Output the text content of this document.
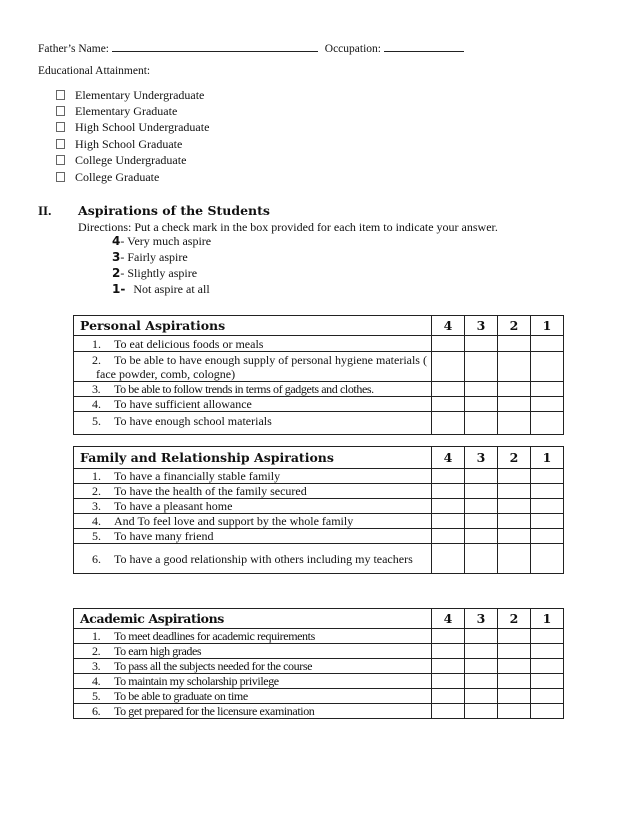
Father’s Name:	Occupation:
Educational Attainment:
Elementary Undergraduate
Elementary Graduate
High School Undergraduate
High School Graduate
College Undergraduate
College Graduate
II. Aspirations of the Students
Directions: Put a check mark in the box provided for each item to indicate your answer.
4- Very much aspire
3- Fairly aspire
2- Slightly aspire
1- Not aspire at all
Personal Aspirations	4	3	2	1
1. To eat delicious foods or meals				
2. To be able to have enough supply of personal hygiene materials ( face powder, comb, cologne)				
3. To be able to follow trends in terms of gadgets and clothes.				
4. To have sufficient allowance				
5. To have enough school materials				
Family and Relationship Aspirations	4	3	2	1
1. To have a financially stable family				
2. To have the health of the family secured				
3. To have a pleasant home				
4. And To feel love and support by the whole family				
5. To have many friend				
6. To have a good relationship with others including my teachers				
Academic Aspirations	4	3	2	1
1. To meet deadlines for academic requirements				
2. To earn high grades				
3. To pass all the subjects needed for the course				
4. To maintain my scholarship privilege				
5. To be able to graduate on time				
6. To get prepared for the licensure examination				
